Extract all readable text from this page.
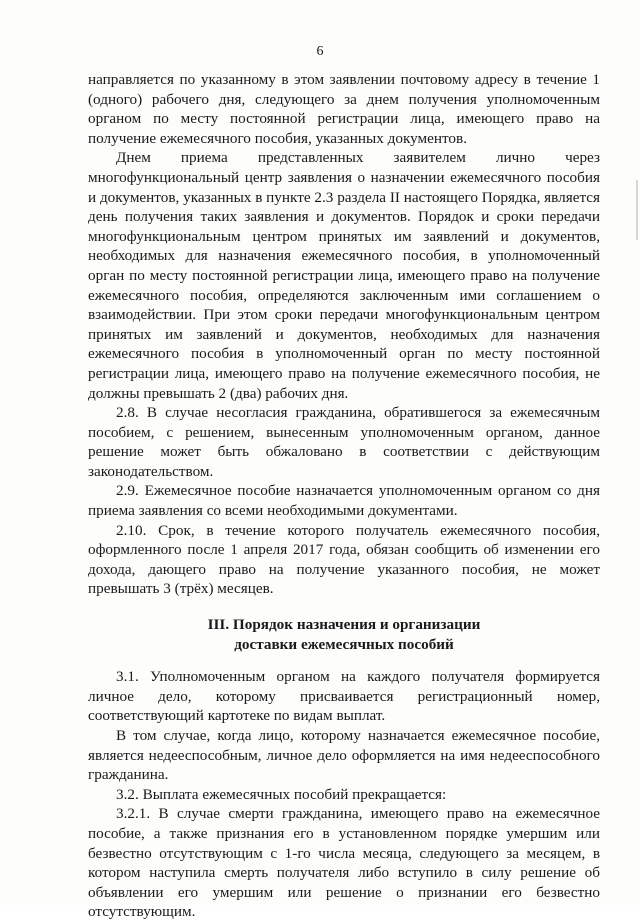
6

направляется по указанному в этом заявлении почтовому адресу в течение 1 (одного) рабочего дня, следующего за днем получения уполномоченным органом по месту постоянной регистрации лица, имеющего право на получение ежемесячного пособия, указанных документов.

Днем приема представленных заявителем лично через многофункциональный центр заявления о назначении ежемесячного пособия и документов, указанных в пункте 2.3 раздела II настоящего Порядка, является день получения таких заявления и документов. Порядок и сроки передачи многофункциональным центром принятых им заявлений и документов, необходимых для назначения ежемесячного пособия, в уполномоченный орган по месту постоянной регистрации лица, имеющего право на получение ежемесячного пособия, определяются заключенным ими соглашением о взаимодействии. При этом сроки передачи многофункциональным центром принятых им заявлений и документов, необходимых для назначения ежемесячного пособия в уполномоченный орган по месту постоянной регистрации лица, имеющего право на получение ежемесячного пособия, не должны превышать 2 (два) рабочих дня.

2.8. В случае несогласия гражданина, обратившегося за ежемесячным пособием, с решением, вынесенным уполномоченным органом, данное решение может быть обжаловано в соответствии с действующим законодательством.

2.9. Ежемесячное пособие назначается уполномоченным органом со дня приема заявления со всеми необходимыми документами.

2.10. Срок, в течение которого получатель ежемесячного пособия, оформленного после 1 апреля 2017 года, обязан сообщить об изменении его дохода, дающего право на получение указанного пособия, не может превышать 3 (трёх) месяцев.

III. Порядок назначения и организации
доставки ежемесячных пособий

3.1. Уполномоченным органом на каждого получателя формируется личное дело, которому присваивается регистрационный номер, соответствующий картотеке по видам выплат.

В том случае, когда лицо, которому назначается ежемесячное пособие, является недееспособным, личное дело оформляется на имя недееспособного гражданина.

3.2. Выплата ежемесячных пособий прекращается:

3.2.1. В случае смерти гражданина, имеющего право на ежемесячное пособие, а также признания его в установленном порядке умершим или безвестно отсутствующим с 1-го числа месяца, следующего за месяцем, в котором наступила смерть получателя либо вступило в силу решение об объявлении его умершим или решение о признании его безвестно отсутствующим.
